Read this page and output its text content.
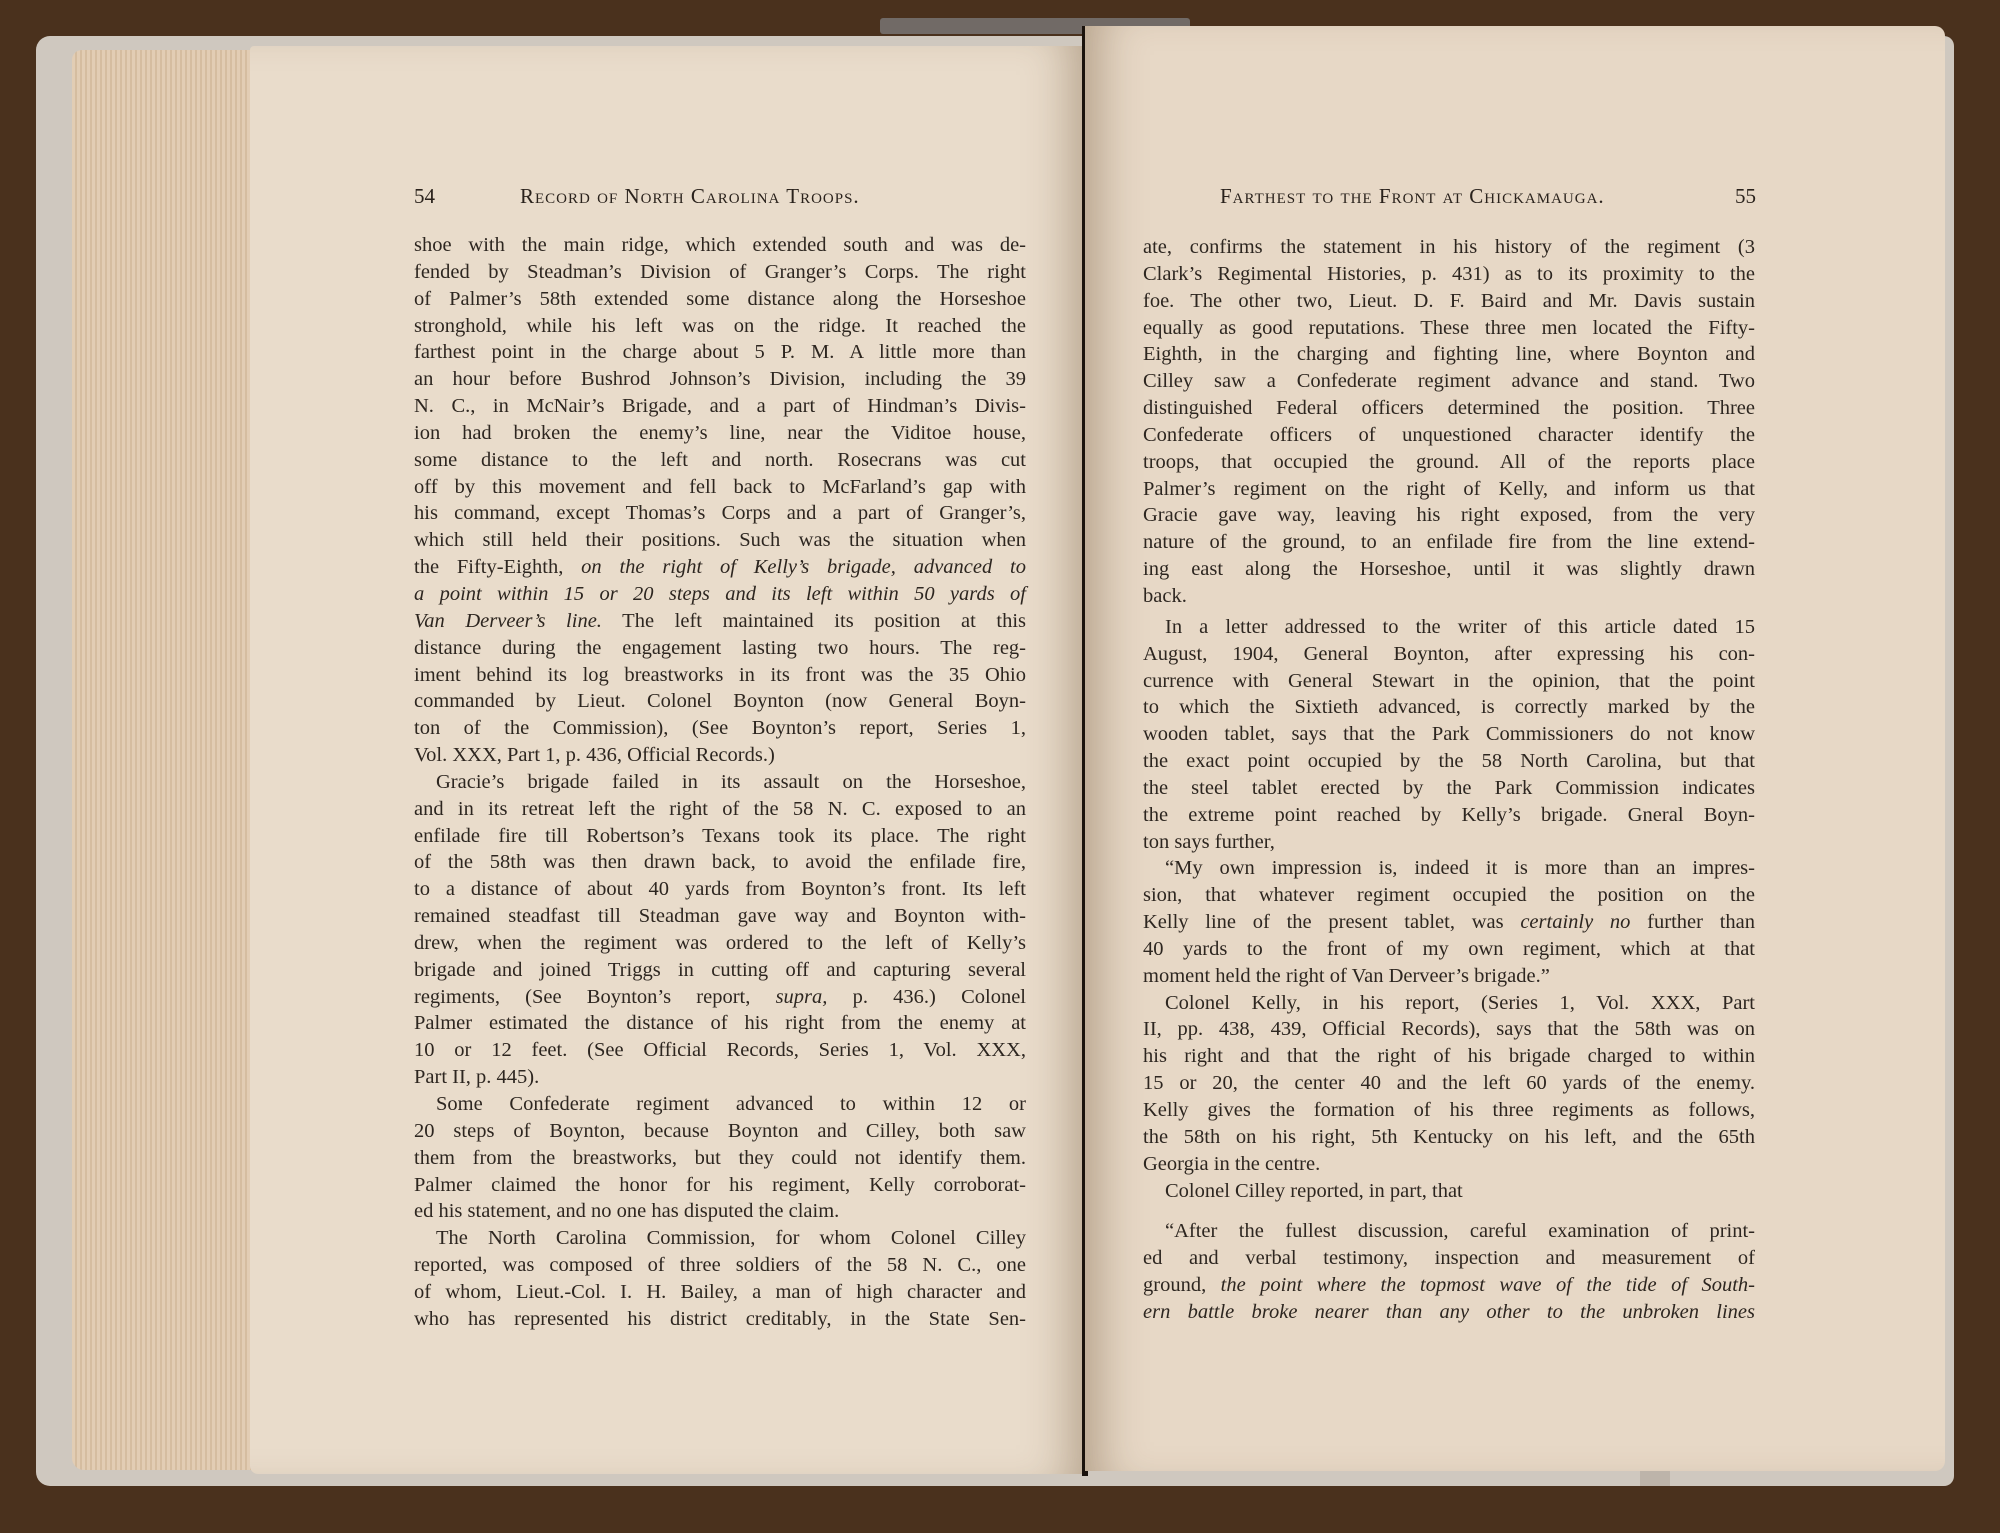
54	Record of North Carolina Troops.

shoe with the main ridge, which extended south and was de-

fended by Steadman’s Division of Granger’s Corps. The right

of Palmer’s 58th extended some distance along the Horseshoe

stronghold, while his left was on the ridge. It reached the

farthest point in the charge about 5 P. M. A little more than

an hour before Bushrod Johnson’s Division, including the 39

N. C., in McNair’s Brigade, and a part of Hindman’s Divis-

ion had broken the enemy’s line, near the Viditoe house,

some distance to the left and north. Rosecrans was cut

off by this movement and fell back to McFarland’s gap with

his command, except Thomas’s Corps and a part of Granger’s,

which still held their positions. Such was the situation when

the Fifty-Eighth, on the right of Kelly’s brigade, advanced to

a point within 15 or 20 steps and its left within 50 yards of

Van Derveer’s line. The left maintained its position at this

distance during the engagement lasting two hours. The reg-

iment behind its log breastworks in its front was the 35 Ohio

commanded by Lieut. Colonel Boynton (now General Boyn-

ton of the Commission), (See Boynton’s report, Series 1,

Vol. XXX, Part 1, p. 436, Official Records.)

Gracie’s brigade failed in its assault on the Horseshoe,

and in its retreat left the right of the 58 N. C. exposed to an

enfilade fire till Robertson’s Texans took its place. The right

of the 58th was then drawn back, to avoid the enfilade fire,

to a distance of about 40 yards from Boynton’s front. Its left

remained steadfast till Steadman gave way and Boynton with-

drew, when the regiment was ordered to the left of Kelly’s

brigade and joined Triggs in cutting off and capturing several

regiments, (See Boynton’s report, supra, p. 436.) Colonel

Palmer estimated the distance of his right from the enemy at

10 or 12 feet. (See Official Records, Series 1, Vol. XXX,

Part II, p. 445).

Some Confederate regiment advanced to within 12 or

20 steps of Boynton, because Boynton and Cilley, both saw

them from the breastworks, but they could not identify them.

Palmer claimed the honor for his regiment, Kelly corroborat-

ed his statement, and no one has disputed the claim.

The North Carolina Commission, for whom Colonel Cilley

reported, was composed of three soldiers of the 58 N. C., one

of whom, Lieut.-Col. I. H. Bailey, a man of high character and

who has represented his district creditably, in the State Sen-

Farthest to the Front at Chickamauga.	55

ate, confirms the statement in his history of the regiment (3

Clark’s Regimental Histories, p. 431) as to its proximity to the

foe. The other two, Lieut. D. F. Baird and Mr. Davis sustain

equally as good reputations. These three men located the Fifty-

Eighth, in the charging and fighting line, where Boynton and

Cilley saw a Confederate regiment advance and stand. Two

distinguished Federal officers determined the position. Three

Confederate officers of unquestioned character identify the

troops, that occupied the ground. All of the reports place

Palmer’s regiment on the right of Kelly, and inform us that

Gracie gave way, leaving his right exposed, from the very

nature of the ground, to an enfilade fire from the line extend-

ing east along the Horseshoe, until it was slightly drawn

back.

In a letter addressed to the writer of this article dated 15

August, 1904, General Boynton, after expressing his con-

currence with General Stewart in the opinion, that the point

to which the Sixtieth advanced, is correctly marked by the

wooden tablet, says that the Park Commissioners do not know

the exact point occupied by the 58 North Carolina, but that

the steel tablet erected by the Park Commission indicates

the extreme point reached by Kelly’s brigade. Gneral Boyn-

ton says further,

“My own impression is, indeed it is more than an impres-

sion, that whatever regiment occupied the position on the

Kelly line of the present tablet, was certainly no further than

40 yards to the front of my own regiment, which at that

moment held the right of Van Derveer’s brigade.”

Colonel Kelly, in his report, (Series 1, Vol. XXX, Part

II, pp. 438, 439, Official Records), says that the 58th was on

his right and that the right of his brigade charged to within

15 or 20, the center 40 and the left 60 yards of the enemy.

Kelly gives the formation of his three regiments as follows,

the 58th on his right, 5th Kentucky on his left, and the 65th

Georgia in the centre.

Colonel Cilley reported, in part, that

“After the fullest discussion, careful examination of print-

ed and verbal testimony, inspection and measurement of

ground, the point where the topmost wave of the tide of South-

ern battle broke nearer than any other to the unbroken lines
